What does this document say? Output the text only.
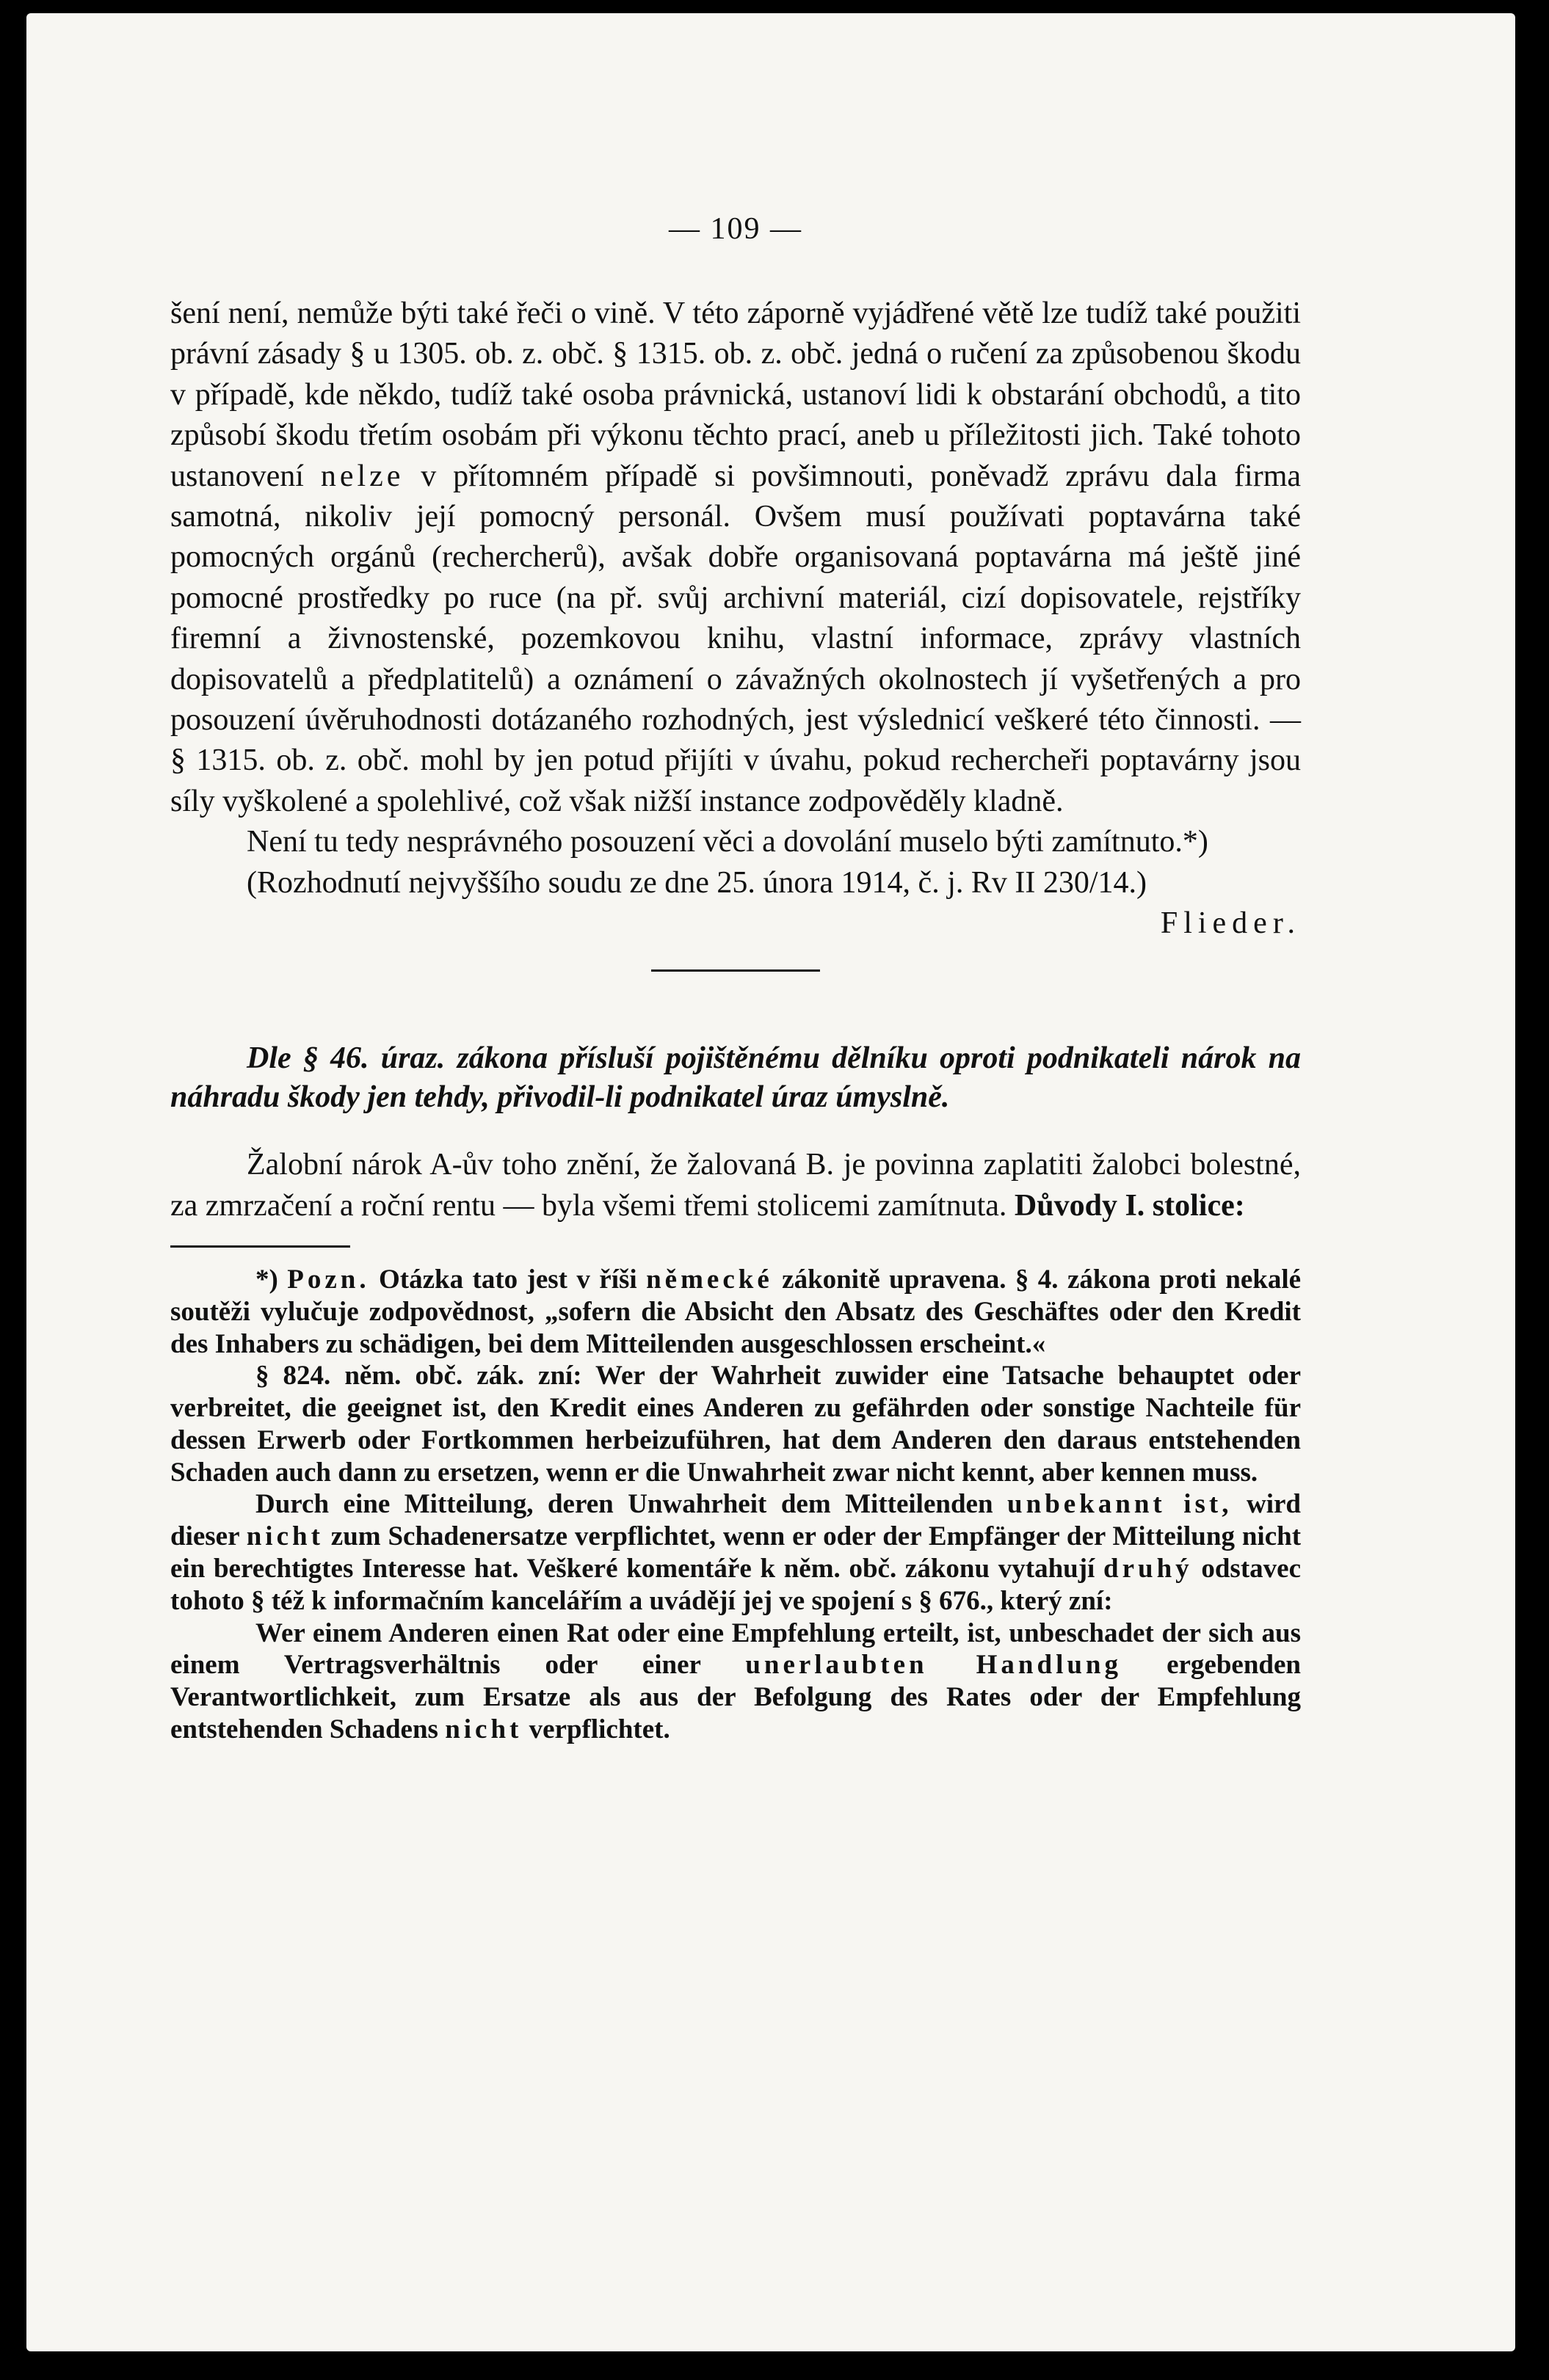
— 109 —

šení není, nemůže býti také řeči o vině. V této záporně vyjádřené větě lze tudíž také použiti právní zásady § u 1305. ob. z. obč. § 1315. ob. z. obč. jedná o ručení za způsobenou škodu v případě, kde někdo, tudíž také osoba právnická, ustanoví lidi k obstarání obchodů, a tito způsobí škodu třetím osobám při výkonu těchto prací, aneb u příležitosti jich. Také tohoto ustanovení nelze v přítomném případě si povšimnouti, poněvadž zprávu dala firma samotná, nikoliv její pomocný personál. Ovšem musí používati poptavárna také pomocných orgánů (rechercherů), avšak dobře organisovaná poptavárna má ještě jiné pomocné prostředky po ruce (na př. svůj archivní materiál, cizí dopisovatele, rejstříky firemní a živnostenské, pozemkovou knihu, vlastní informace, zprávy vlastních dopisovatelů a předplatitelů) a oznámení o závažných okolnostech jí vyšetřených a pro posouzení úvěruhodnosti dotázaného rozhodných, jest výslednicí veškeré této činnosti. — § 1315. ob. z. obč. mohl by jen potud přijíti v úvahu, pokud rechercheři poptavárny jsou síly vyškolené a spolehlivé, což však nižší instance zodpověděly kladně.

Není tu tedy nesprávného posouzení věci a dovolání muselo býti zamítnuto.*)

(Rozhodnutí nejvyššího soudu ze dne 25. února 1914, č. j. Rv II 230/14.)
Flieder.

Dle § 46. úraz. zákona přísluší pojištěnému dělníku oproti podnikateli nárok na náhradu škody jen tehdy, přivodil-li podnikatel úraz úmyslně.

Žalobní nárok A-ův toho znění, že žalovaná B. je povinna zaplatiti žalobci bolestné, za zmrzačení a roční rentu — byla všemi třemi stolicemi zamítnuta. Důvody I. stolice:

*) Pozn. Otázka tato jest v říši německé zákonitě upravena. § 4. zákona proti nekalé soutěži vylučuje zodpovědnost, „sofern die Absicht den Absatz des Geschäftes oder den Kredit des Inhabers zu schädigen, bei dem Mitteilenden ausgeschlossen erscheint.«

§ 824. něm. obč. zák. zní: Wer der Wahrheit zuwider eine Tatsache behauptet oder verbreitet, die geeignet ist, den Kredit eines Anderen zu gefährden oder sonstige Nachteile für dessen Erwerb oder Fortkommen herbeizuführen, hat dem Anderen den daraus entstehenden Schaden auch dann zu ersetzen, wenn er die Unwahrheit zwar nicht kennt, aber kennen muss.

Durch eine Mitteilung, deren Unwahrheit dem Mitteilenden unbekannt ist, wird dieser nicht zum Schadenersatze verpflichtet, wenn er oder der Empfänger der Mitteilung nicht ein berechtigtes Interesse hat. Veškeré komentáře k něm. obč. zákonu vytahují druhý odstavec tohoto § též k informačním kancelářím a uvádějí jej ve spojení s § 676., který zní:

Wer einem Anderen einen Rat oder eine Empfehlung erteilt, ist, unbeschadet der sich aus einem Vertragsverhältnis oder einer unerlaubten Handlung ergebenden Verantwortlichkeit, zum Ersatze als aus der Befolgung des Rates oder der Empfehlung entstehenden Schadens nicht verpflichtet.
